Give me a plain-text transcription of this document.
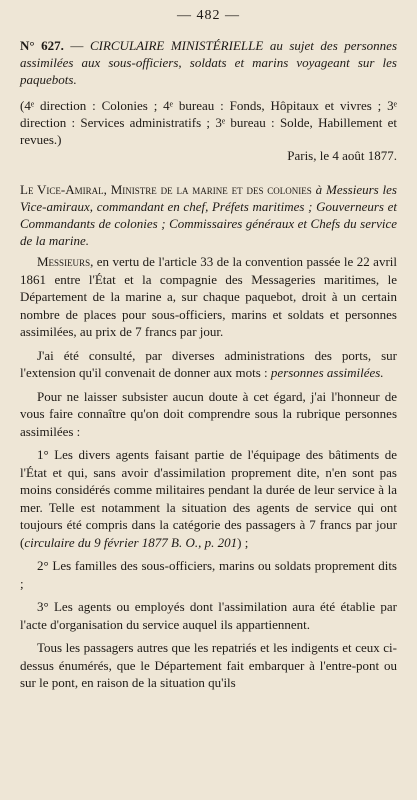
— 482 —
N° 627. — CIRCULAIRE MINISTÉRIELLE au sujet des personnes assimilées aux sous-officiers, soldats et marins voyageant sur les paquebots.
(4ᵉ direction : Colonies ; 4ᵉ bureau : Fonds, Hôpitaux et vivres ; 3ᵉ direction : Services administratifs ; 3ᵉ bureau : Solde, Habillement et revues.)
Paris, le 4 août 1877.
Le Vice-Amiral, Ministre de la marine et des colonies à Messieurs les Vice-amiraux, commandant en chef, Préfets maritimes ; Gouverneurs et Commandants de colonies ; Commissaires généraux et Chefs du service de la marine.

Messieurs, en vertu de l'article 33 de la convention passée le 22 avril 1861 entre l'État et la compagnie des Messageries maritimes, le Département de la marine a, sur chaque paquebot, droit à un certain nombre de places pour sous-officiers, marins et soldats et personnes assimilées, au prix de 7 francs par jour.

J'ai été consulté, par diverses administrations des ports, sur l'extension qu'il convenait de donner aux mots : personnes assimilées.

Pour ne laisser subsister aucun doute à cet égard, j'ai l'honneur de vous faire connaître qu'on doit comprendre sous la rubrique personnes assimilées :

1° Les divers agents faisant partie de l'équipage des bâtiments de l'État et qui, sans avoir d'assimilation proprement dite, n'en sont pas moins considérés comme militaires pendant la durée de leur service à la mer. Telle est notamment la situation des agents de service qui ont toujours été compris dans la catégorie des passagers à 7 francs par jour (circulaire du 9 février 1877 B. O., p. 201) ;

2° Les familles des sous-officiers, marins ou soldats proprement dits ;

3° Les agents ou employés dont l'assimilation aura été établie par l'acte d'organisation du service auquel ils appartiennent.

Tous les passagers autres que les repatriés et les indigents et ceux ci-dessus énumérés, que le Département fait embarquer à l'entre-pont ou sur le pont, en raison de la situation qu'ils
